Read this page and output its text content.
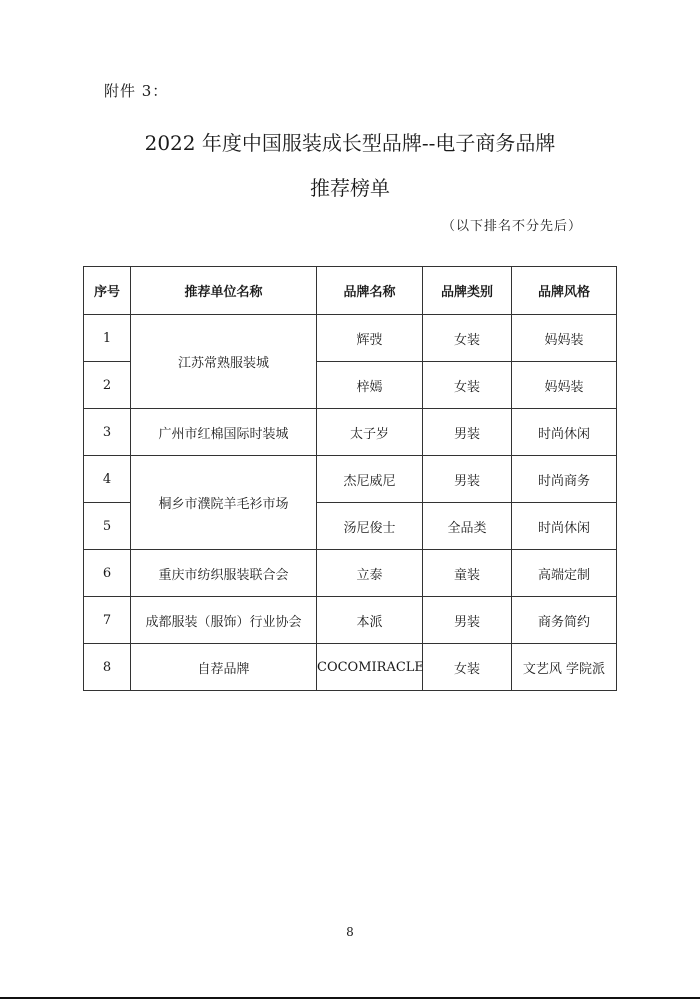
附件 3：
2022 年度中国服装成长型品牌--电子商务品牌
推荐榜单
（以下排名不分先后）
序号	推荐单位名称	品牌名称	品牌类别	品牌风格
1	江苏常熟服装城	辉弢	女装	妈妈装
2		梓嫣	女装	妈妈装
3	广州市红棉国际时装城	太子岁	男装	时尚休闲
4	桐乡市濮院羊毛衫市场	杰尼威尼	男装	时尚商务
5		汤尼俊士	全品类	时尚休闲
6	重庆市纺织服装联合会	立泰	童装	高端定制
7	成都服装（服饰）行业协会	本派	男装	商务简约
8	自荐品牌	COCOMIRACLE	女装	文艺风 学院派
8
